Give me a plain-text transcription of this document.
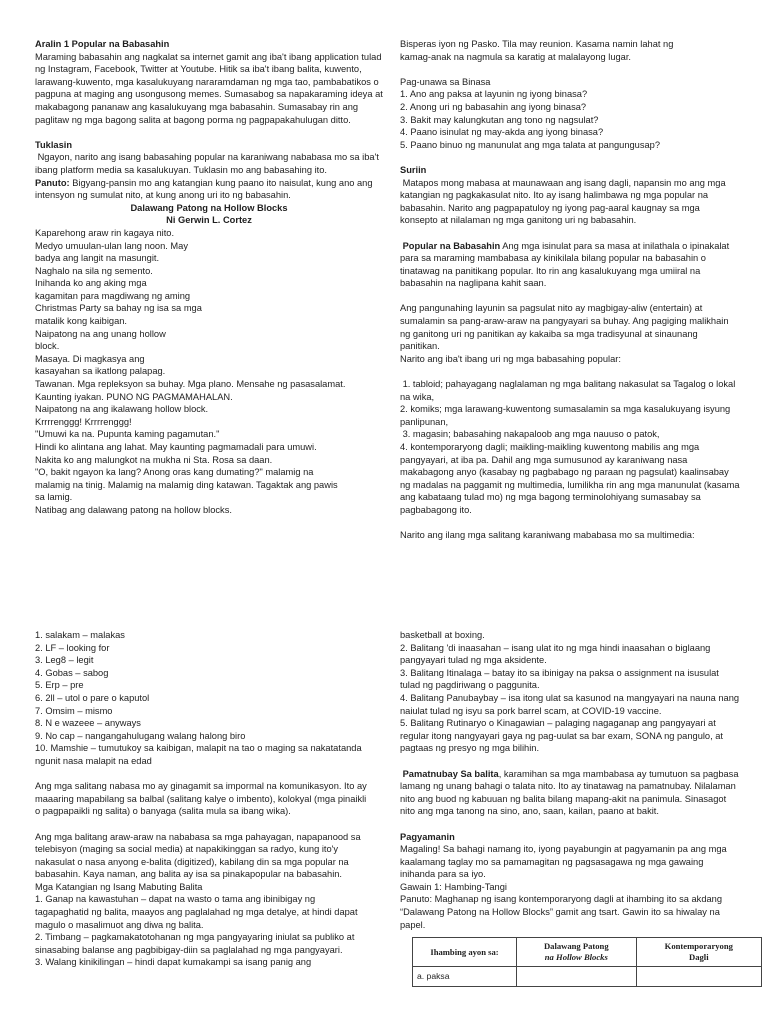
Aralin 1 Popular na Babasahin
Maraming babasahin ang nagkalat sa internet gamit ang iba't ibang application tulad ng Instagram, Facebook, Twitter at Youtube. Hitik sa iba't ibang balita, kuwento, larawang-kuwento, mga kasalukuyang nararamdaman ng mga tao, pambabatikos o pagpuna at maging ang usongusong memes. Sumasabog sa napakaraming ideya at makabagong pananaw ang kasalukuyang mga babasahin. Sumasabay rin ang paglitaw ng mga bagong salita at bagong porma ng pagpapakahulugan ditto.
Tuklasin
Ngayon, narito ang isang babasahing popular na karaniwang nababasa mo sa iba't ibang platform media sa kasalukuyan. Tuklasin mo ang babasahing ito.
Panuto: Bigyang-pansin mo ang katangian kung paano ito naisulat, kung ano ang intensyon ng sumulat nito, at kung anong uri ito ng babasahin.
Dalawang Patong na Hollow Blocks
Ni Gerwin L. Cortez
Kaparehong araw rin kagaya nito.
Medyo umuulan-ulan lang noon. May
badya ang langit na masungit.
Naghalo na sila ng semento.
Inihanda ko ang aking mga
kagamitan para magdiwang ng aming
Christmas Party sa bahay ng isa sa mga
matalik kong kaibigan.
Naipatong na ang unang hollow
block.
Masaya. Di magkasya ang
kasayahan sa ikatlong palapag.
Tawanan. Mga repleksyon sa buhay. Mga plano. Mensahe ng pasasalamat.
Kaunting iyakan. PUNO NG PAGMAMAHALAN.
Naipatong na ang ikalawang hollow block.
Krrrrenggg! Krrrrenggg!
"Umuwi ka na. Pupunta kaming pagamutan."
Hindi ko alintana ang lahat. May kaunting pagmamadali para umuwi.
Nakita ko ang malungkot na mukha ni Sta. Rosa sa daan.
"O, bakit ngayon ka lang? Anong oras kang dumating?" malamig na
malamig na tinig. Malamig na malamig ding katawan. Tagaktak ang pawis
sa lamig.
Natibag ang dalawang patong na hollow blocks.
Bisperas iyon ng Pasko. Tila may reunion. Kasama namin lahat ng
kamag-anak na nagmula sa karatig at malalayong lugar.
Pag-unawa sa Binasa
1. Ano ang paksa at layunin ng iyong binasa?
2. Anong uri ng babasahin ang iyong binasa?
3. Bakit may kalungkutan ang tono ng nagsulat?
4. Paano isinulat ng may-akda ang iyong binasa?
5. Paano binuo ng manunulat ang mga talata at pangungusap?
Suriin
Matapos mong mabasa at maunawaan ang isang dagli, napansin mo ang mga katangian ng pagkakasulat nito. Ito ay isang halimbawa ng mga popular na babasahin. Narito ang pagpapatuloy ng iyong pag-aaral kaugnay sa mga konsepto at nilalaman ng mga ganitong uri ng babasahin.
Popular na Babasahin Ang mga isinulat para sa masa at inilathala o ipinakalat para sa maraming mambabasa ay kinikilala bilang popular na babasahin o tinatawag na panitikang popular. Ito rin ang kasalukuyang mga umiiral na babasahin na naglipana kahit saan.
Ang pangunahing layunin sa pagsulat nito ay magbigay-aliw (entertain) at sumalamin sa pang-araw-araw na pangyayari sa buhay. Ang pagiging malikhain ng ganitong uri ng panitikan ay kakaiba sa mga tradisyunal at sinaunang panitikan.
Narito ang iba't ibang uri ng mga babasahing popular:
1. tabloid; pahayagang naglalaman ng mga balitang nakasulat sa Tagalog o lokal na wika,
2. komiks; mga larawang-kuwentong sumasalamin sa mga kasalukuyang isyung panlipunan,
3. magasin; babasahing nakapaloob ang mga nauuso o patok,
4. kontemporaryong dagli; maikling-maikling kuwentong mabilis ang mga pangyayari, at iba pa. Dahil ang mga sumusunod ay karaniwang nasa makabagong anyo (kasabay ng pagbabago ng paraan ng pagsulat) kaalinsabay ng madalas na paggamit ng multimedia, lumilikha rin ang mga manunulat (kasama ang kabataang tulad mo) ng mga bagong terminolohiyang sumasabay sa pagbabagong ito.
Narito ang ilang mga salitang karaniwang mababasa mo sa multimedia:
1. salakam – malakas
2. LF – looking for
3. Leg8 – legit
4. Gobas – sabog
5. Erp – pre
6. 2ll – utol o pare o kaputol
7. Omsim – mismo
8. N e wazeee – anyways
9. No cap – nangangahulugang walang halong biro
10. Mamshie – tumutukoy sa kaibigan, malapit na tao o maging sa nakatatanda ngunit nasa malapit na edad
Ang mga salitang nabasa mo ay ginagamit sa impormal na komunikasyon. Ito ay maaaring mapabilang sa balbal (salitang kalye o imbento), kolokyal (mga pinaikli o pagpapaikli ng salita) o banyaga (salita mula sa ibang wika).
Ang mga balitang araw-araw na nababasa sa mga pahayagan, napapanood sa telebisyon (maging sa social media) at napakikinggan sa radyo, kung ito'y nakasulat o nasa anyong e-balita (digitized), kabilang din sa mga popular na babasahin. Kaya naman, ang balita ay isa sa pinakapopular na babasahin.
Mga Katangian ng Isang Mabuting Balita
1. Ganap na kawastuhan – dapat na wasto o tama ang ibinibigay ng tagapaghatid ng balita, maayos ang paglalahad ng mga detalye, at hindi dapat magulo o masalimuot ang diwa ng balita.
2. Timbang – pagkamakatotohanan ng mga pangyayaring iniulat sa publiko at sinasabing balanse ang pagbibigay-diin sa paglalahad ng mga pangyayari.
3. Walang kinikilingan – hindi dapat kumakampi sa isang panig ang
basketball at boxing.
2. Balitang 'di inaasahan – isang ulat ito ng mga hindi inaasahan o biglaang pangyayari tulad ng mga aksidente.
3. Balitang Itinalaga – batay ito sa ibinigay na paksa o assignment na isusulat tulad ng pagdiriwang o paggunita.
4. Balitang Panubaybay – isa itong ulat sa kasunod na mangyayari na nauna nang naiulat tulad ng isyu sa pork barrel scam, at COVID-19 vaccine.
5. Balitang Rutinaryo o Kinagawian – palaging nagaganap ang pangyayari at regular itong nangyayari gaya ng pag-uulat sa bar exam, SONA ng pangulo, at pagtaas ng presyo ng mga bilihin.
Pamatnubay Sa balita, karamihan sa mga mambabasa ay tumutuon sa pagbasa lamang ng unang bahagi o talata nito. Ito ay tinatawag na pamatnubay. Nilalaman nito ang buod ng kabuuan ng balita bilang mapang-akit na panimula. Sinasagot nito ang mga tanong na sino, ano, saan, kailan, paano at bakit.
Pagyamanin
Magaling! Sa bahagi namang ito, iyong payabungin at pagyamanin pa ang mga kaalamang taglay mo sa pamamagitan ng pagsasagawa ng mga gawaing inihanda para sa iyo.
Gawain 1: Hambing-Tangi
Panuto: Maghanap ng isang kontemporaryong dagli at ihambing ito sa akdang “Dalawang Patong na Hollow Blocks” gamit ang tsart. Gawin ito sa hiwalay na papel.
Ihambing ayon sa:	Dalawang Patong
na Hollow Blocks	Kontemporaryong
Dagli
a. paksa		
